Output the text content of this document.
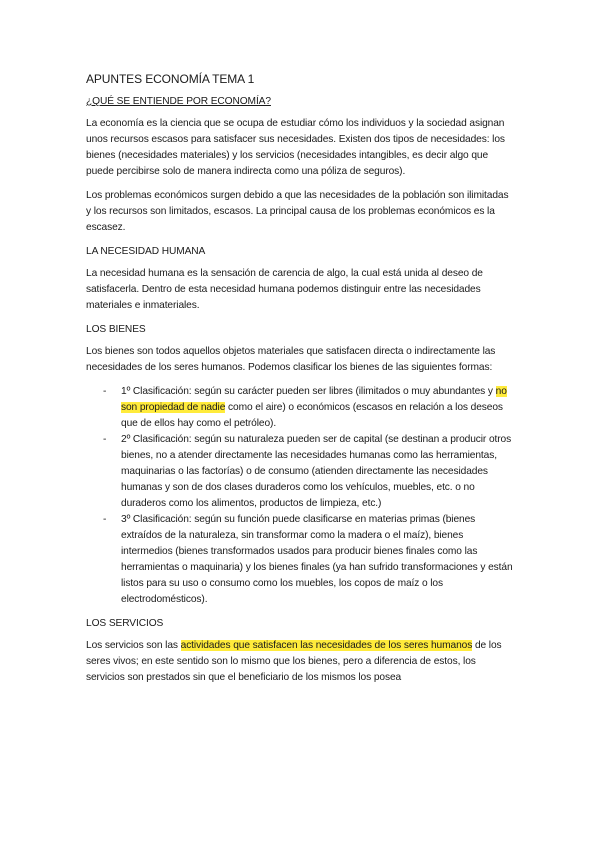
APUNTES ECONOMÍA TEMA 1
¿QUÉ SE ENTIENDE POR ECONOMÍA?

La economía es la ciencia que se ocupa de estudiar cómo los individuos y la sociedad asignan unos recursos escasos para satisfacer sus necesidades. Existen dos tipos de necesidades: los bienes (necesidades materiales) y los servicios (necesidades intangibles, es decir algo que puede percibirse solo de manera indirecta como una póliza de seguros).

Los problemas económicos surgen debido a que las necesidades de la población son ilimitadas y los recursos son limitados, escasos. La principal causa de los problemas económicos es la escasez.

LA NECESIDAD HUMANA

La necesidad humana es la sensación de carencia de algo, la cual está unida al deseo de satisfacerla. Dentro de esta necesidad humana podemos distinguir entre las necesidades materiales e inmateriales.

LOS BIENES

Los bienes son todos aquellos objetos materiales que satisfacen directa o indirectamente las necesidades de los seres humanos. Podemos clasificar los bienes de las siguientes formas:

- 1º Clasificación: según su carácter pueden ser libres (ilimitados o muy abundantes y no son propiedad de nadie como el aire) o económicos (escasos en relación a los deseos que de ellos hay como el petróleo).
- 2º Clasificación: según su naturaleza pueden ser de capital (se destinan a producir otros bienes, no a atender directamente las necesidades humanas como las herramientas, maquinarias o las factorías) o de consumo (atienden directamente las necesidades humanas y son de dos clases duraderos como los vehículos, muebles, etc. o no duraderos como los alimentos, productos de limpieza, etc.)
- 3º Clasificación: según su función puede clasificarse en materias primas (bienes extraídos de la naturaleza, sin transformar como la madera o el maíz), bienes intermedios (bienes transformados usados para producir bienes finales como las herramientas o maquinaria) y los bienes finales (ya han sufrido transformaciones y están listos para su uso o consumo como los muebles, los copos de maíz o los electrodomésticos).
LOS SERVICIOS

Los servicios son las actividades que satisfacen las necesidades de los seres humanos de los seres vivos; en este sentido son lo mismo que los bienes, pero a diferencia de estos, los servicios son prestados sin que el beneficiario de los mismos los posea
